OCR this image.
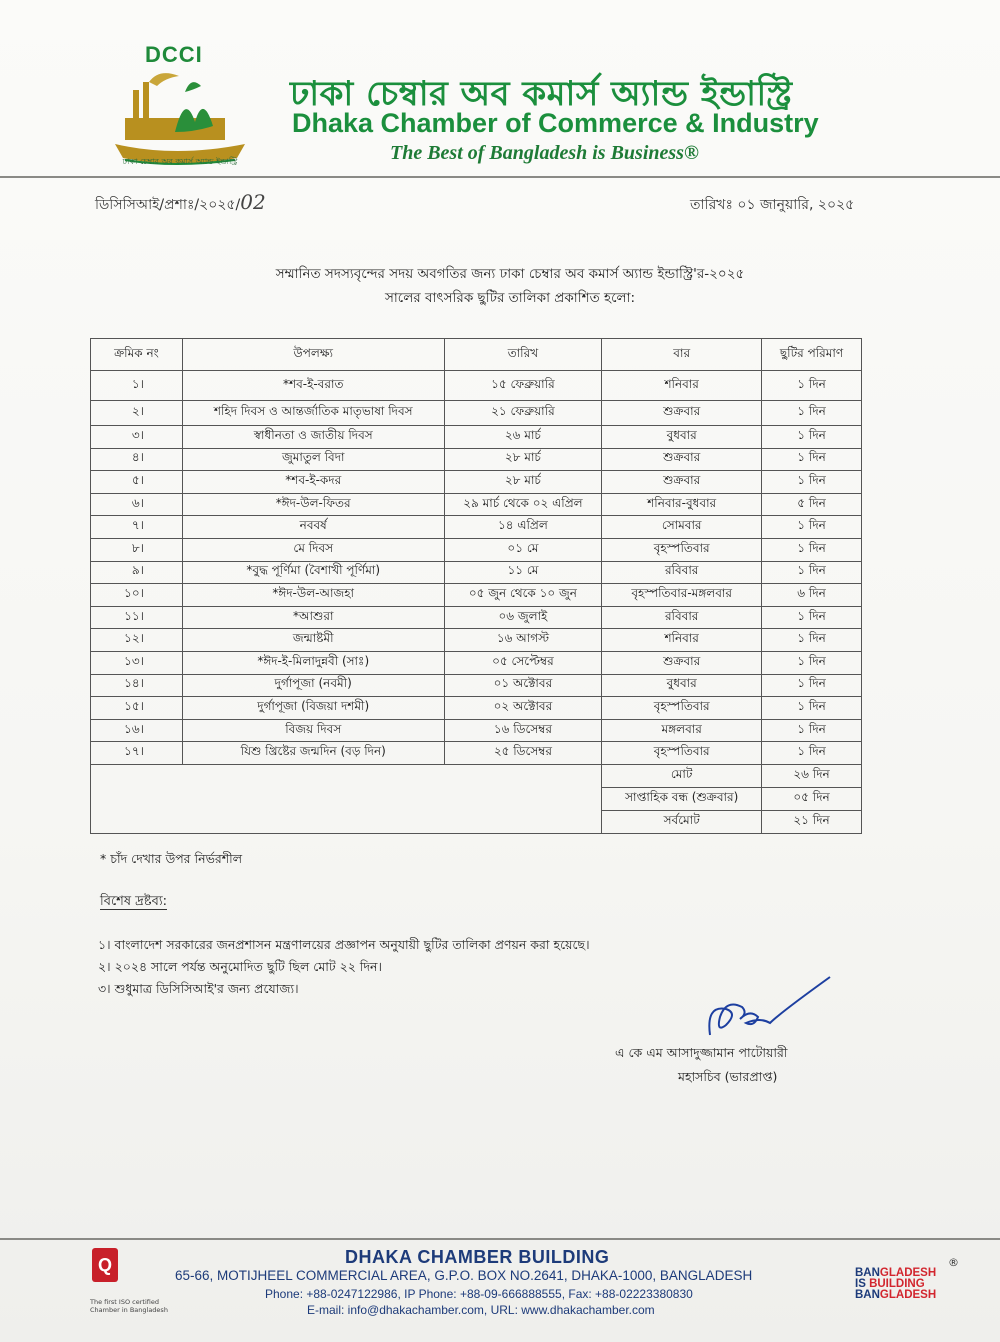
DCCI
ঢাকা চেম্বার অব কমার্স অ্যান্ড ইন্ডাস্ট্রি
ঢাকা চেম্বার অব কমার্স অ্যান্ড ইন্ডাস্ট্রি
Dhaka Chamber of Commerce & Industry
The Best of Bangladesh is Business®
ডিসিসিআই/প্রশাঃ/২০২৫/02	তারিখঃ ০১ জানুয়ারি, ২০২৫
সম্মানিত সদস্যবৃন্দের সদয় অবগতির জন্য ঢাকা চেম্বার অব কমার্স অ্যান্ড ইন্ডাস্ট্রি'র-২০২৫
সালের বাৎসরিক ছুটির তালিকা প্রকাশিত হলো:
ক্রমিক নং	উপলক্ষ্য	তারিখ	বার	ছুটির পরিমাণ
১।	*শব-ই-বরাত	১৫ ফেব্রুয়ারি	শনিবার	১ দিন
২।	শহিদ দিবস ও আন্তর্জাতিক মাতৃভাষা দিবস	২১ ফেব্রুয়ারি	শুক্রবার	১ দিন
৩।	স্বাধীনতা ও জাতীয় দিবস	২৬ মার্চ	বুধবার	১ দিন
৪।	জুমাতুল বিদা	২৮ মার্চ	শুক্রবার	১ দিন
৫।	*শব-ই-কদর	২৮ মার্চ	শুক্রবার	১ দিন
৬।	*ঈদ-উল-ফিতর	২৯ মার্চ থেকে ০২ এপ্রিল	শনিবার-বুধবার	৫ দিন
৭।	নববর্ষ	১৪ এপ্রিল	সোমবার	১ দিন
৮।	মে দিবস	০১ মে	বৃহস্পতিবার	১ দিন
৯।	*বুদ্ধ পূর্ণিমা (বৈশাখী পূর্ণিমা)	১১ মে	রবিবার	১ দিন
১০।	*ঈদ-উল-আজহা	০৫ জুন থেকে ১০ জুন	বৃহস্পতিবার-মঙ্গলবার	৬ দিন
১১।	*আশুরা	০৬ জুলাই	রবিবার	১ দিন
১২।	জন্মাষ্টমী	১৬ আগস্ট	শনিবার	১ দিন
১৩।	*ঈদ-ই-মিলাদুন্নবী (সাঃ)	০৫ সেপ্টেম্বর	শুক্রবার	১ দিন
১৪।	দুর্গাপূজা (নবমী)	০১ অক্টোবর	বুধবার	১ দিন
১৫।	দুর্গাপূজা (বিজয়া দশমী)	০২ অক্টোবর	বৃহস্পতিবার	১ দিন
১৬।	বিজয় দিবস	১৬ ডিসেম্বর	মঙ্গলবার	১ দিন
১৭।	যিশু খ্রিষ্টের জন্মদিন (বড় দিন)	২৫ ডিসেম্বর	বৃহস্পতিবার	১ দিন
			মোট	২৬ দিন
			সাপ্তাহিক বন্ধ (শুক্রবার)	০৫ দিন
			সর্বমোট	২১ দিন
* চাঁদ দেখার উপর নির্ভরশীল
বিশেষ দ্রষ্টব্য:
১। বাংলাদেশ সরকারের জনপ্রশাসন মন্ত্রণালয়ের প্রজ্ঞাপন অনুযায়ী ছুটির তালিকা প্রণয়ন করা হয়েছে।
২। ২০২৪ সালে পর্যন্ত অনুমোদিত ছুটি ছিল মোট ২২ দিন।
৩। শুধুমাত্র ডিসিসিআই'র জন্য প্রযোজ্য।
এ কে এম আসাদুজ্জামান পাটোয়ারী
মহাসচিব (ভারপ্রাপ্ত)
Q
The first ISO certified Chamber in Bangladesh
DHAKA CHAMBER BUILDING
65-66, MOTIJHEEL COMMERCIAL AREA, G.P.O. BOX NO.2641, DHAKA-1000, BANGLADESH
Phone: +88-0247122986, IP Phone: +88-09-666888555, Fax: +88-02223380830
E-mail: info@dhakachamber.com, URL: www.dhakachamber.com
BANGLADESH
IS BUILDING
BANGLADESH
®
